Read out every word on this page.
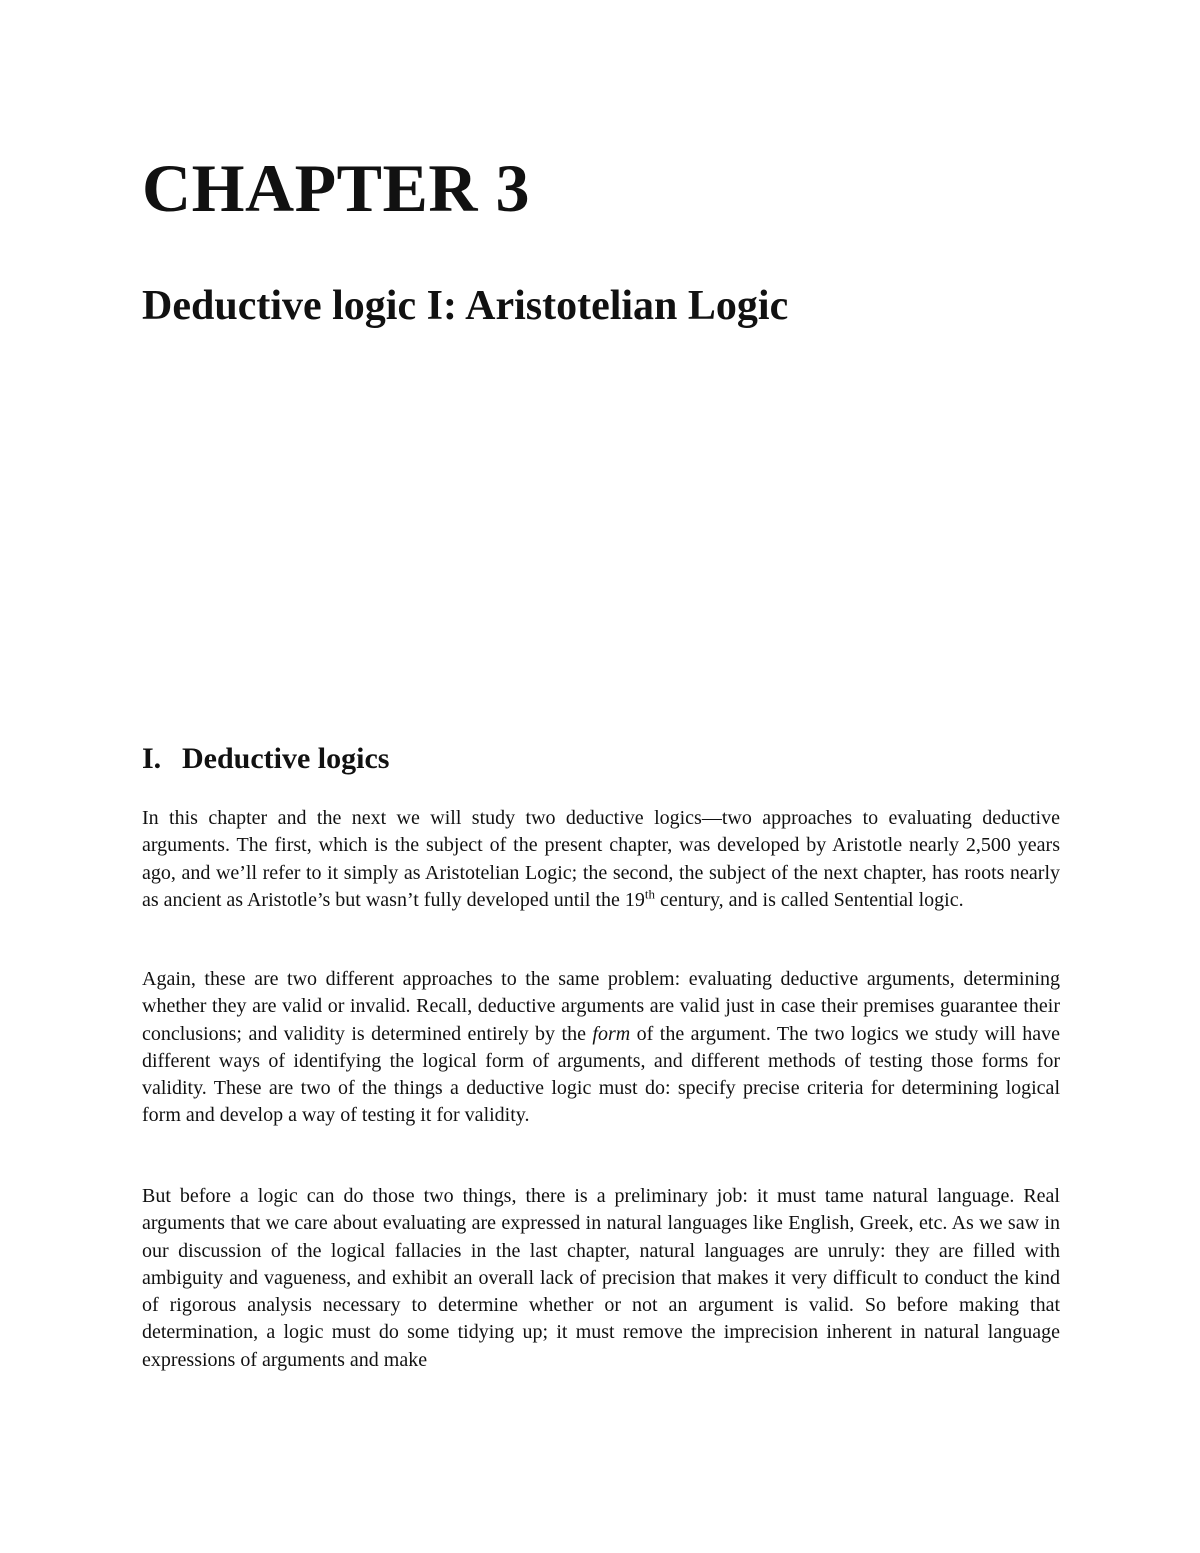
CHAPTER 3
Deductive logic I: Aristotelian Logic
I. Deductive logics

In this chapter and the next we will study two deductive logics—two approaches to evaluating deductive arguments. The first, which is the subject of the present chapter, was developed by Aristotle nearly 2,500 years ago, and we’ll refer to it simply as Aristotelian Logic; the second, the subject of the next chapter, has roots nearly as ancient as Aristotle’s but wasn’t fully developed until the 19th century, and is called Sentential logic.

Again, these are two different approaches to the same problem: evaluating deductive arguments, determining whether they are valid or invalid. Recall, deductive arguments are valid just in case their premises guarantee their conclusions; and validity is determined entirely by the form of the argument. The two logics we study will have different ways of identifying the logical form of arguments, and different methods of testing those forms for validity. These are two of the things a deductive logic must do: specify precise criteria for determining logical form and develop a way of testing it for validity.

But before a logic can do those two things, there is a preliminary job: it must tame natural language. Real arguments that we care about evaluating are expressed in natural languages like English, Greek, etc. As we saw in our discussion of the logical fallacies in the last chapter, natural languages are unruly: they are filled with ambiguity and vagueness, and exhibit an overall lack of precision that makes it very difficult to conduct the kind of rigorous analysis necessary to determine whether or not an argument is valid. So before making that determination, a logic must do some tidying up; it must remove the imprecision inherent in natural language expressions of arguments and make
